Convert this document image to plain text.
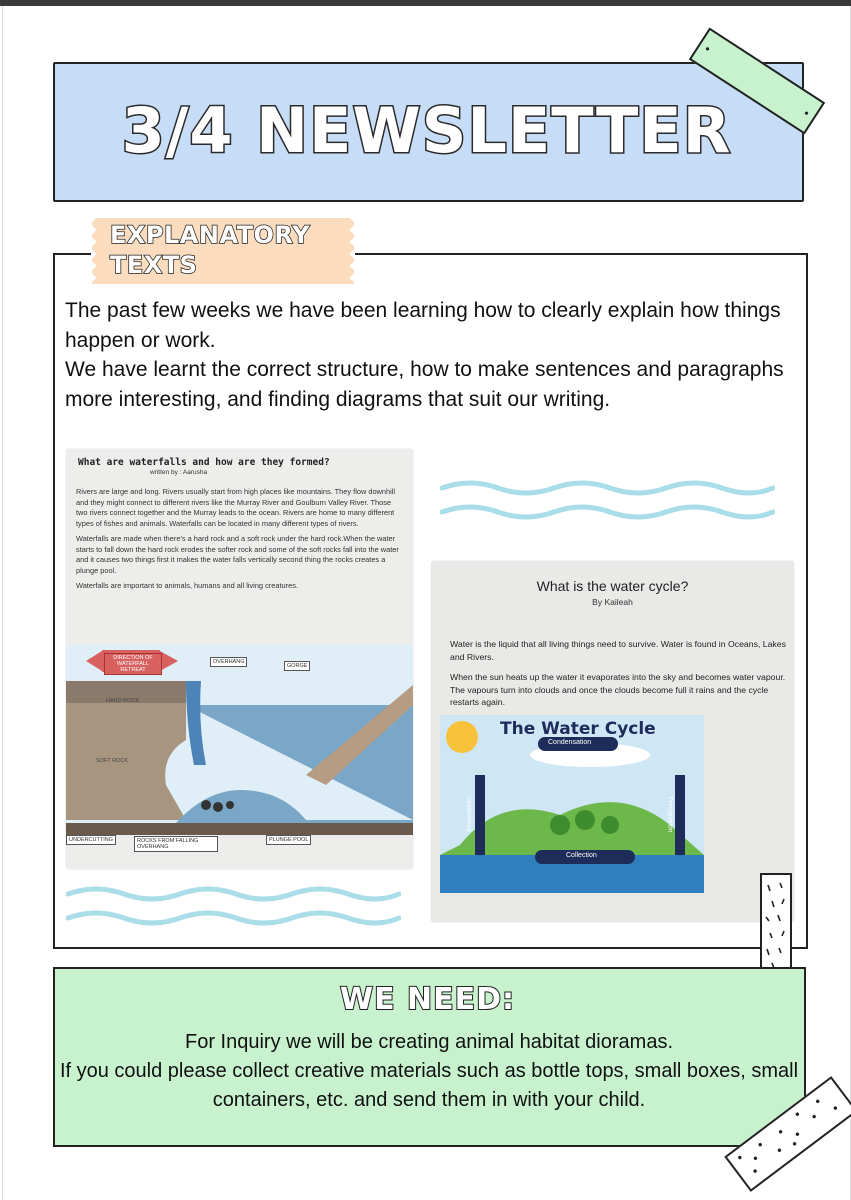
3/4 NEWSLETTER
EXPLANATORY
TEXTS

The past few weeks we have been learning how to clearly explain how things happen or work.

We have learnt the correct structure, how to make sentences and paragraphs more interesting, and finding diagrams that suit our writing.

What are waterfalls and how are they formed?
written by : Aarusha

Rivers are large and long. Rivers usually start from high places like mountains. They flow downhill and they might connect to different rivers like the Murray River and Goulburn Valley River. Those two rivers connect together and the Murray leads to the ocean. Rivers are home to many different types of fishes and animals. Waterfalls can be located in many different types of rivers.

Waterfalls are made when there's a hard rock and a soft rock under the hard rock.When the water starts to fall down the hard rock erodes the softer rock and some of the soft rocks fall into the water and it causes two things first it makes the water falls vertically second thing the rocks creates a plunge pool.

Waterfalls are important to animals, humans and all living creatures.

DIRECTION OF WATERFALL RETREAT
OVERHANG
GORGE
HARD ROCK
SOFT ROCK
UNDERCUTTING	ROCKS FROM FALLING OVERHANG
PLUNGE POOL
What is the water cycle?
By Kaileah

Water is the liquid that all living things need to survive. Water is found in Oceans, Lakes and Rivers.

When the sun heats up the water it evaporates into the sky and becomes water vapour. The vapours turn into clouds and once the clouds become full it rains and the cycle restarts again.

The Water Cycle
Condensation
Evaporation	Precipitation
Collection
WE NEED:

For Inquiry we will be creating animal habitat dioramas.

If you could please collect creative materials such as bottle tops, small boxes, small containers, etc. and send them in with your child.
